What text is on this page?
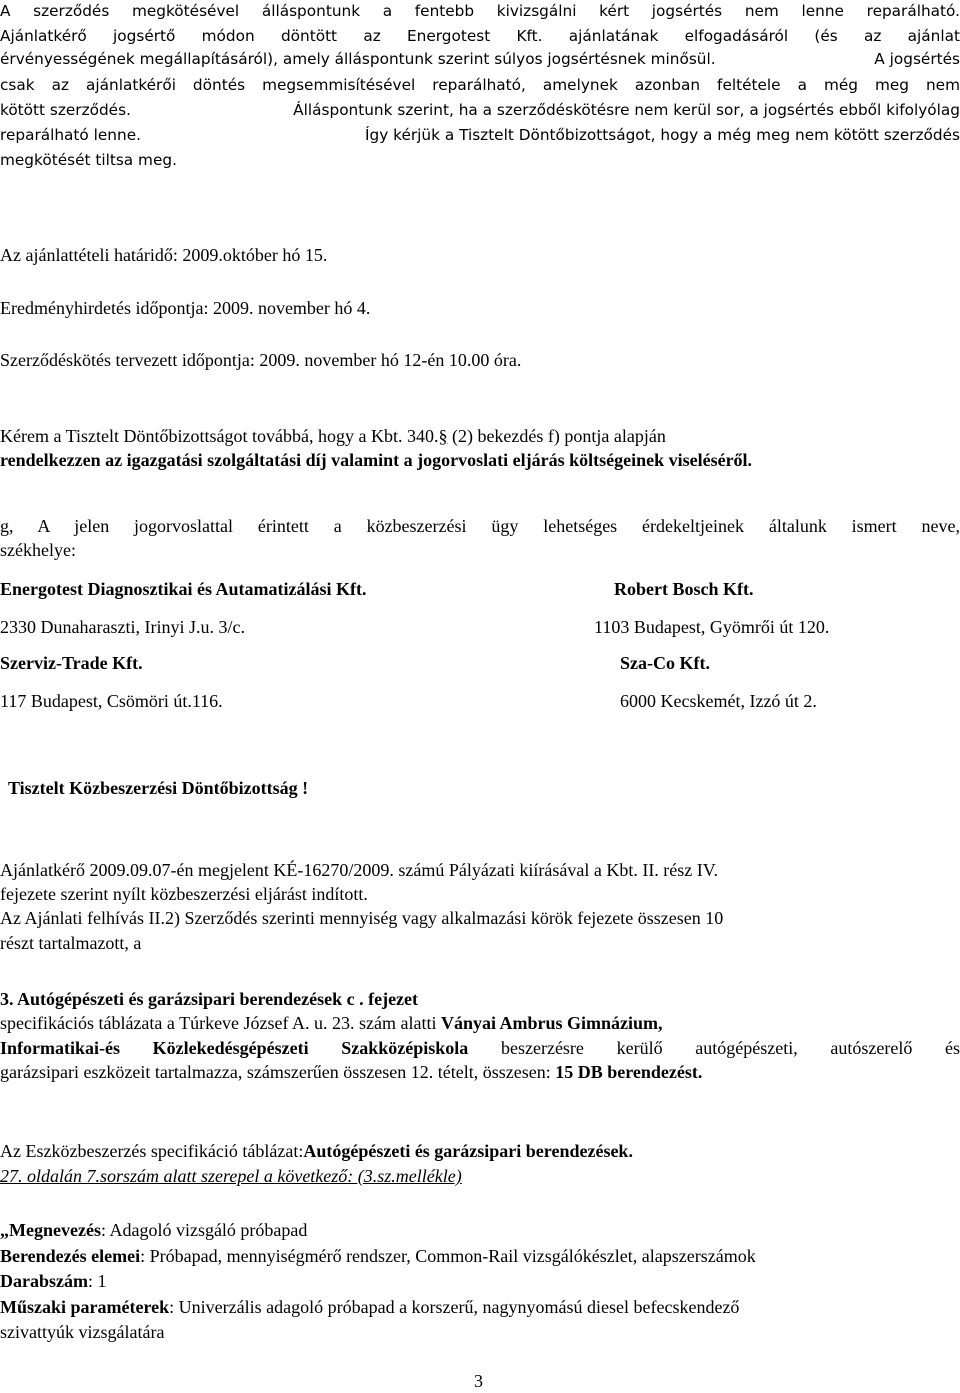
A szerződés megkötésével álláspontunk a fentebb kivizsgálni kért jogsértés nem lenne reparálható.
Ajánlatkérő jogsértő módon döntött az Energotest Kft. ajánlatának elfogadásáról (és az ajánlat
érvényességének megállapításáról), amely álláspontunk szerint súlyos jogsértésnek minősül.	A jogsértés
csak az ajánlatkérői döntés megsemmisítésével reparálható, amelynek azonban feltétele a még meg nem
kötött szerződés.	Álláspontunk szerint, ha a szerződéskötésre nem kerül sor, a jogsértés ebből kifolyólag
reparálható lenne.	Így kérjük a Tisztelt Döntőbizottságot, hogy a még meg nem kötött szerződés
megkötését tiltsa meg.
Az ajánlattételi határidő: 2009.október hó 15.
Eredményhirdetés időpontja: 2009. november hó 4.
Szerződéskötés tervezett időpontja: 2009. november hó 12-én 10.00 óra.
Kérem a Tisztelt Döntőbizottságot továbbá, hogy a Kbt. 340.§ (2) bekezdés f) pontja alapján
rendelkezzen az igazgatási szolgáltatási díj valamint a jogorvoslati eljárás költségeinek viseléséről.
g, A jelen jogorvoslattal érintett a közbeszerzési ügy lehetséges érdekeltjeinek általunk ismert neve,
székhelye:
Energotest Diagnosztikai és Autamatizálási Kft.	Robert Bosch Kft.
2330 Dunaharaszti, Irinyi J.u. 3/c.	1103 Budapest, Gyömrői út 120.
Szerviz-Trade Kft.	Sza-Co Kft.
117 Budapest, Csömöri út.116.	6000 Kecskemét, Izzó út 2.
Tisztelt Közbeszerzési Döntőbizottság !
Ajánlatkérő 2009.09.07-én megjelent KÉ-16270/2009. számú Pályázati kiírásával a Kbt. II. rész IV.
fejezete szerint nyílt közbeszerzési eljárást indított.
Az Ajánlati felhívás II.2) Szerződés szerinti mennyiség vagy alkalmazási körök fejezete összesen 10
részt tartalmazott, a
3. Autógépészeti és garázsipari berendezések c . fejezet
specifikációs táblázata a Túrkeve József A. u. 23. szám alatti Ványai Ambrus Gimnázium,
Informatikai-és Közlekedésgépészeti Szakközépiskola beszerzésre kerülő autógépészeti, autószerelő és
garázsipari eszközeit tartalmazza, számszerűen összesen 12. tételt, összesen: 15 DB berendezést.
Az Eszközbeszerzés specifikáció táblázat:Autógépészeti és garázsipari berendezések.
27. oldalán 7.sorszám alatt szerepel a következő: (3.sz.mellékle)
„Megnevezés: Adagoló vizsgáló próbapad
Berendezés elemei: Próbapad, mennyiségmérő rendszer, Common-Rail vizsgálókészlet, alapszerszámok
Darabszám: 1
Műszaki paraméterek: Univerzális adagoló próbapad a korszerű, nagynyomású diesel befecskendező
szivattyúk vizsgálatára
3
